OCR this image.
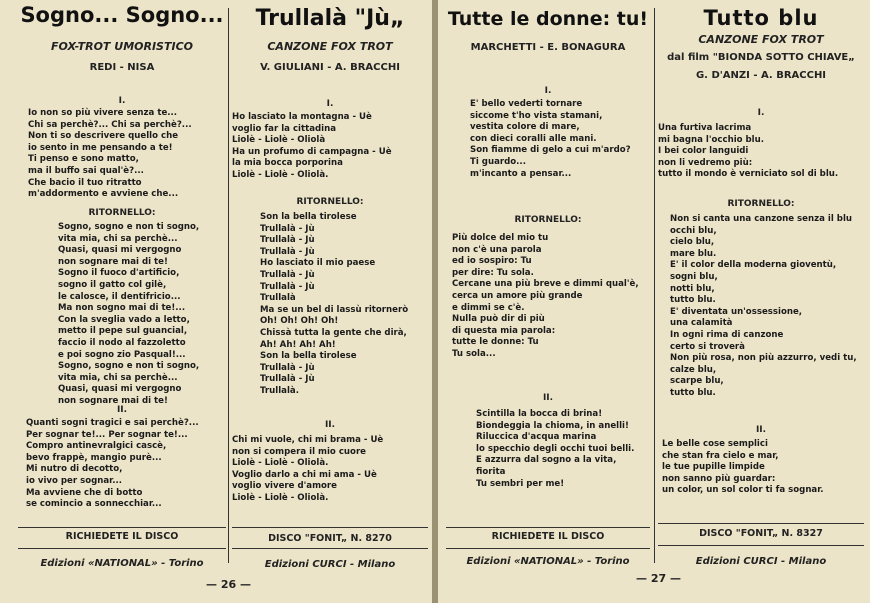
Sogno... Sogno...
FOX-TROT UMORISTICO
REDI - NISA
I.
Io non so più vivere senza te...
Chi sa perchè?... Chi sa perchè?...
Non ti so descrivere quello che
io sento in me pensando a te!
Ti penso e sono matto,
ma il buffo sai qual'è?...
Che bacio il tuo ritratto
m'addormento e avviene che...
RITORNELLO:
Sogno, sogno e non ti sogno,
vita mia, chi sa perchè...
Quasi, quasi mi vergogno
non sognare mai di te!
Sogno il fuoco d'artificio,
sogno il gatto col gilè,
le calosce, il dentifricio...
Ma non sogno mai di te!...
Con la sveglia vado a letto,
metto il pepe sul guancial,
faccio il nodo al fazzoletto
e poi sogno zio Pasqual!...
Sogno, sogno e non ti sogno,
vita mia, chi sa perchè...
Quasi, quasi mi vergogno
non sognare mai di te!
II.
Quanti sogni tragici e sai perchè?...
Per sognar te!... Per sognar te!...
Compro antinevralgici cascè,
bevo frappè, mangio purè...
Mi nutro di decotto,
io vivo per sognar...
Ma avviene che di botto
se comincio a sonnecchiar...
RICHIEDETE IL DISCO
Edizioni «NATIONAL» - Torino
Trullalà "Jù„
CANZONE FOX TROT
V. GIULIANI - A. BRACCHI
I.
Ho lasciato la montagna - Uè
voglio far la cittadina
Liolè - Liolè - Oliolà
Ha un profumo di campagna - Uè
la mia bocca porporina
Liolè - Liolè - Oliolà.
RITORNELLO:
Son la bella tirolese
Trullalà - Jù
Trullalà - Jù
Trullalà - Jù
Ho lasciato il mio paese
Trullalà - Jù
Trullalà - Jù
Trullalà
Ma se un bel di lassù ritornerò
Oh! Oh! Oh! Oh!
Chissà tutta la gente che dirà,
Ah! Ah! Ah! Ah!
Son la bella tirolese
Trullalà - Jù
Trullalà - Jù
Trullalà.
II.
Chi mi vuole, chi mi brama - Uè
non si compera il mio cuore
Liolè - Liolè - Oliolà.
Voglio darlo a chi mi ama - Uè
voglio vivere d'amore
Liolè - Liolè - Oliolà.
DISCO "FONIT„ N. 8270
Edizioni CURCI - Milano
Tutte le donne: tu!
MARCHETTI - E. BONAGURA
I.
E' bello vederti tornare
siccome t'ho vista stamani,
vestita colore di mare,
con dieci coralli alle mani.
Son fiamme di gelo a cui m'ardo?
Ti guardo...
m'incanto a pensar...
RITORNELLO:
Più dolce del mio tu
non c'è una parola
ed io sospiro: Tu
per dire: Tu sola.
Cercane una più breve e dimmi qual'è,
cerca un amore più grande
e dimmi se c'è.
Nulla può dir di più
di questa mia parola:
tutte le donne: Tu
Tu sola...
II.
Scintilla la bocca di brina!
Biondeggia la chioma, in anelli!
Riluccica d'acqua marina
lo specchio degli occhi tuoi belli.
E azzurra dal sogno a la vita,
fiorita
Tu sembri per me!
RICHIEDETE IL DISCO
Edizioni «NATIONAL» - Torino
Tutto blu
CANZONE FOX TROT
dal film "BIONDA SOTTO CHIAVE„
G. D'ANZI - A. BRACCHI
I.
Una furtiva lacrima
mi bagna l'occhio blu.
I bei color languidi
non li vedremo più:
tutto il mondo è verniciato sol di blu.
RITORNELLO:
Non si canta una canzone senza il blu
occhi blu,
cielo blu,
mare blu.
E' il color della moderna gioventù,
sogni blu,
notti blu,
tutto blu.
E' diventata un'ossessione,
una calamità
In ogni rima di canzone
certo si troverà
Non più rosa, non più azzurro, vedi tu,
calze blu,
scarpe blu,
tutto blu.
II.
Le belle cose semplici
che stan fra cielo e mar,
le tue pupille limpide
non sanno più guardar:
un color, un sol color ti fa sognar.
DISCO "FONIT„ N. 8327
Edizioni CURCI - Milano
— 26 —	— 27 —
